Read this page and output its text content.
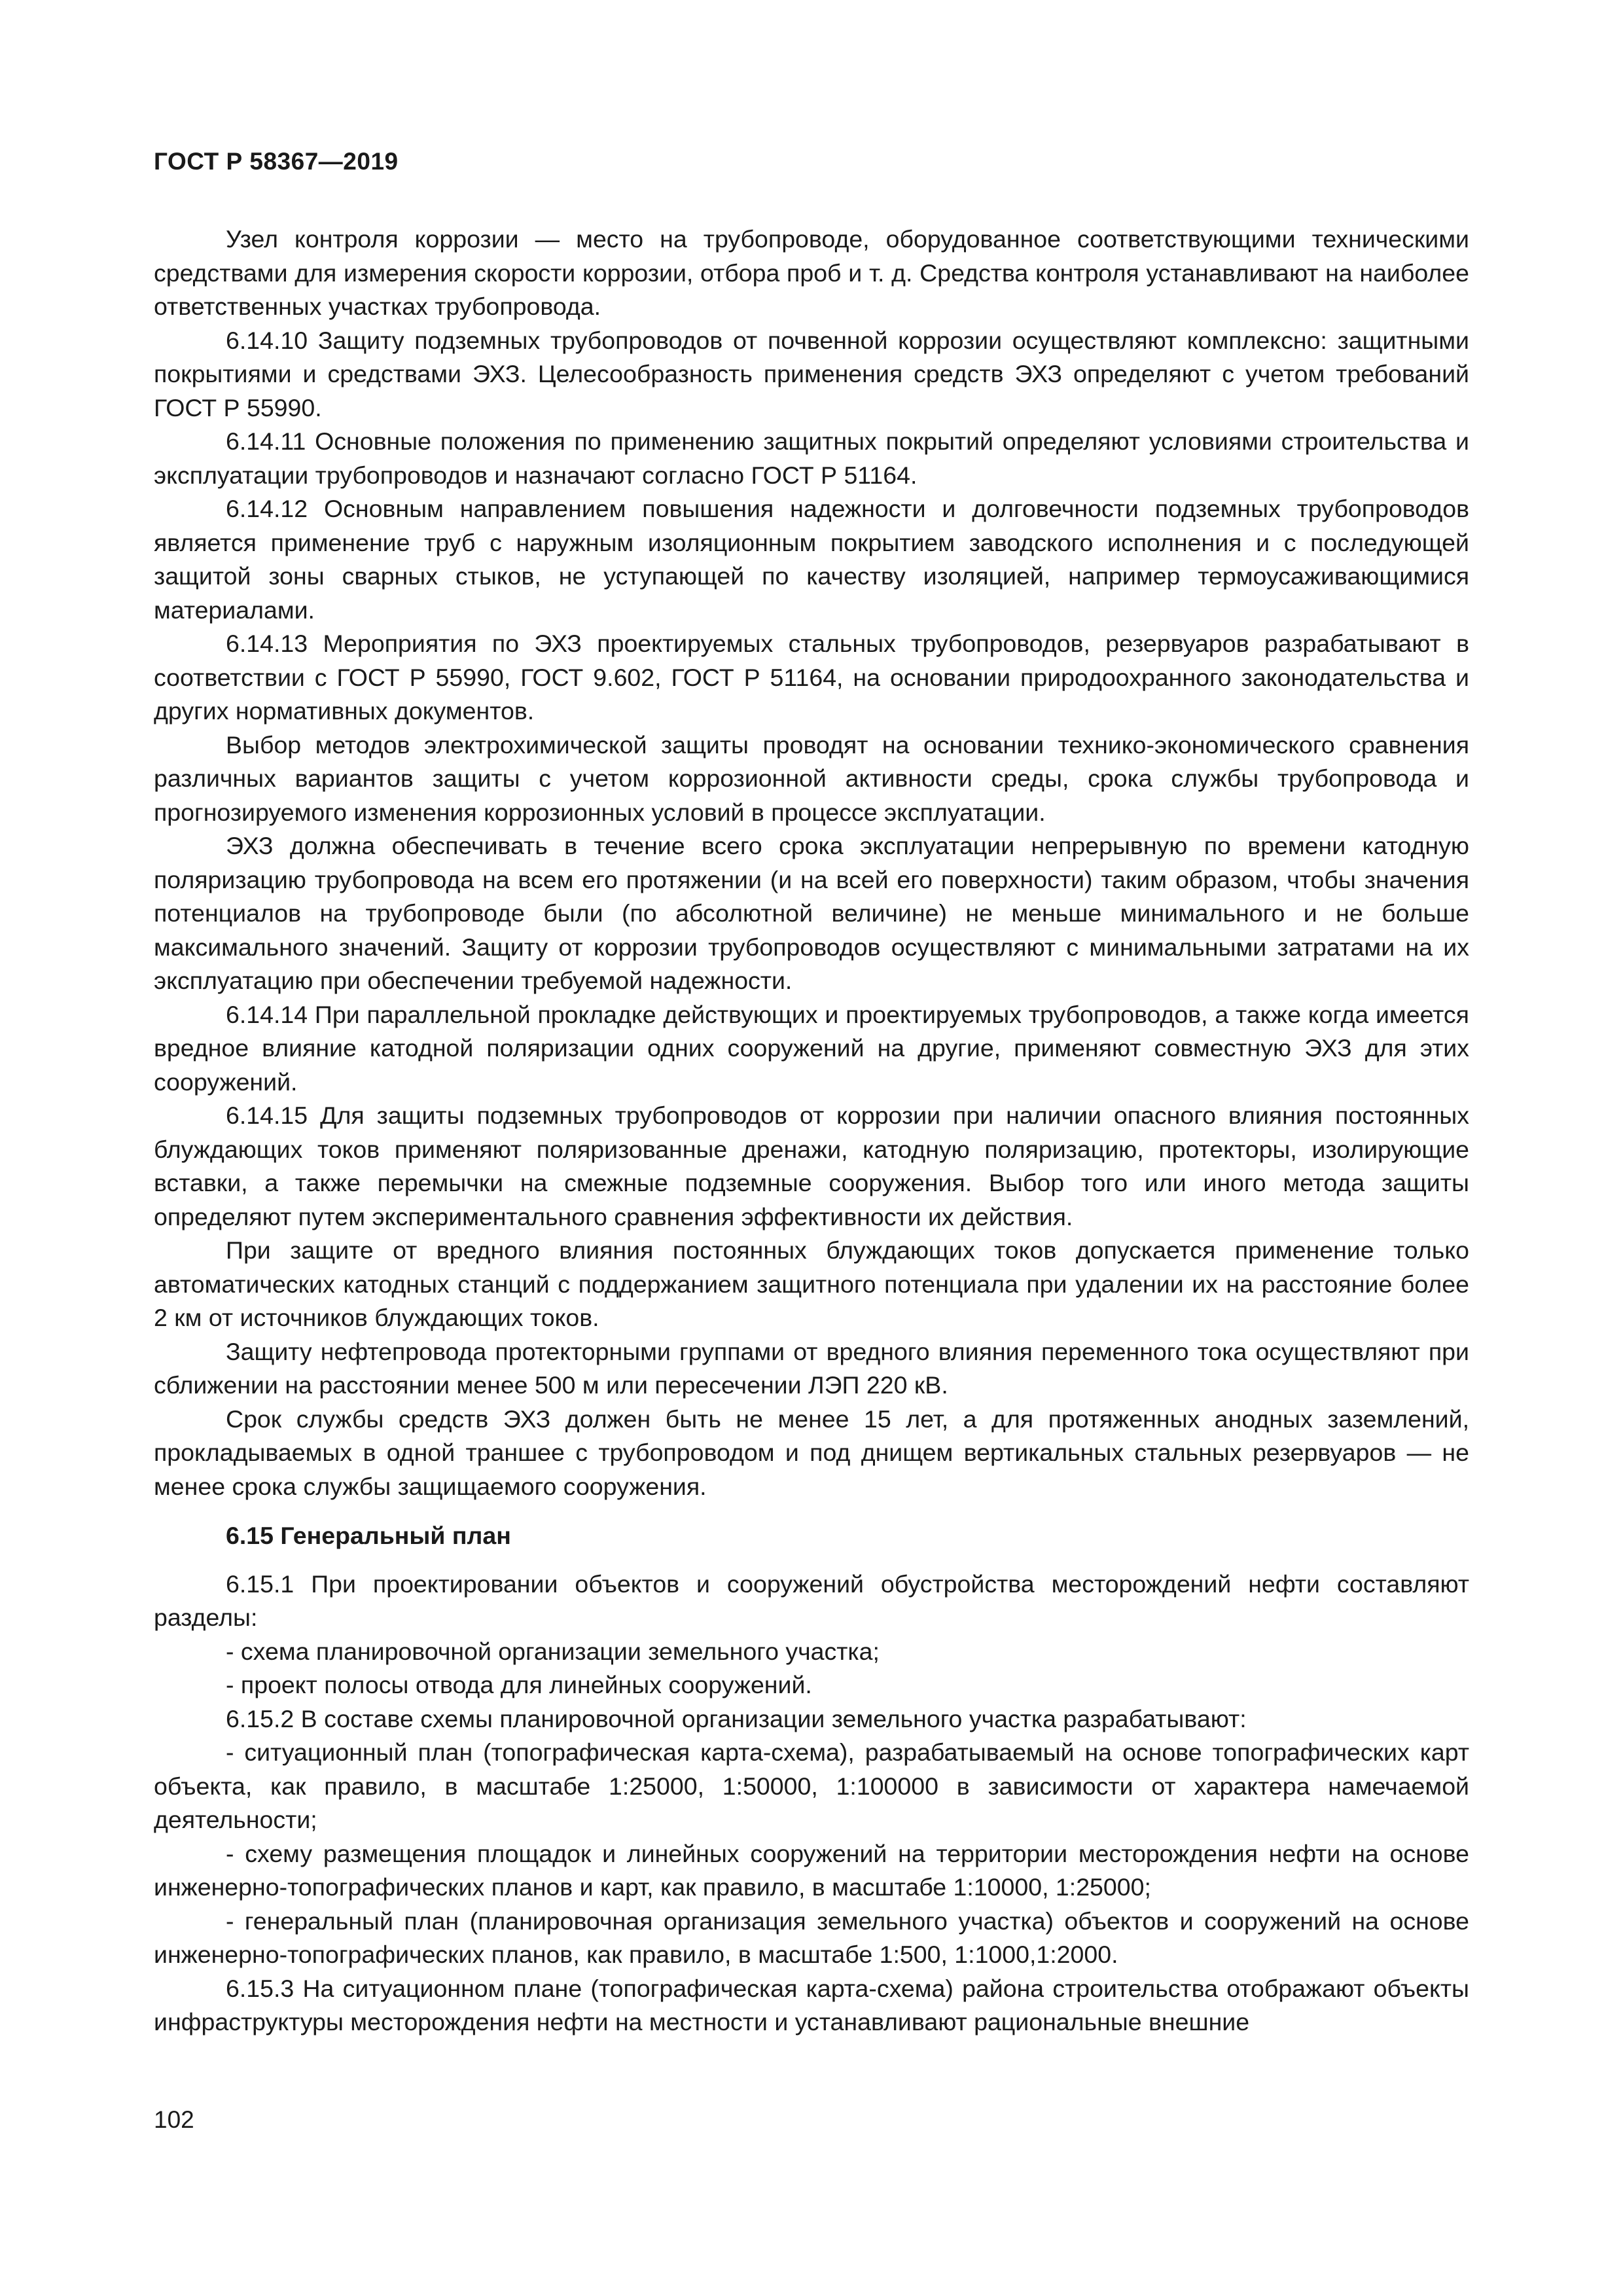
ГОСТ Р 58367—2019

Узел контроля коррозии — место на трубопроводе, оборудованное соответствующими техническими средствами для измерения скорости коррозии, отбора проб и т. д. Средства контроля устанавливают на наиболее ответственных участках трубопровода.

6.14.10 Защиту подземных трубопроводов от почвенной коррозии осуществляют комплексно: защитными покрытиями и средствами ЭХЗ. Целесообразность применения средств ЭХЗ определяют с учетом требований ГОСТ Р 55990.

6.14.11 Основные положения по применению защитных покрытий определяют условиями строительства и эксплуатации трубопроводов и назначают согласно ГОСТ Р 51164.

6.14.12 Основным направлением повышения надежности и долговечности подземных трубопроводов является применение труб с наружным изоляционным покрытием заводского исполнения и с последующей защитой зоны сварных стыков, не уступающей по качеству изоляцией, например термоусаживающимися материалами.

6.14.13 Мероприятия по ЭХЗ проектируемых стальных трубопроводов, резервуаров разрабатывают в соответствии с ГОСТ Р 55990, ГОСТ 9.602, ГОСТ Р 51164, на основании природоохранного законодательства и других нормативных документов.

Выбор методов электрохимической защиты проводят на основании технико-экономического сравнения различных вариантов защиты с учетом коррозионной активности среды, срока службы трубопровода и прогнозируемого изменения коррозионных условий в процессе эксплуатации.

ЭХЗ должна обеспечивать в течение всего срока эксплуатации непрерывную по времени катодную поляризацию трубопровода на всем его протяжении (и на всей его поверхности) таким образом, чтобы значения потенциалов на трубопроводе были (по абсолютной величине) не меньше минимального и не больше максимального значений. Защиту от коррозии трубопроводов осуществляют с минимальными затратами на их эксплуатацию при обеспечении требуемой надежности.

6.14.14 При параллельной прокладке действующих и проектируемых трубопроводов, а также когда имеется вредное влияние катодной поляризации одних сооружений на другие, применяют совместную ЭХЗ для этих сооружений.

6.14.15 Для защиты подземных трубопроводов от коррозии при наличии опасного влияния постоянных блуждающих токов применяют поляризованные дренажи, катодную поляризацию, протекторы, изолирующие вставки, а также перемычки на смежные подземные сооружения. Выбор того или иного метода защиты определяют путем экспериментального сравнения эффективности их действия.

При защите от вредного влияния постоянных блуждающих токов допускается применение только автоматических катодных станций с поддержанием защитного потенциала при удалении их на расстояние более 2 км от источников блуждающих токов.

Защиту нефтепровода протекторными группами от вредного влияния переменного тока осуществляют при сближении на расстоянии менее 500 м или пересечении ЛЭП 220 кВ.

Срок службы средств ЭХЗ должен быть не менее 15 лет, а для протяженных анодных заземлений, прокладываемых в одной траншее с трубопроводом и под днищем вертикальных стальных резервуаров — не менее срока службы защищаемого сооружения.

6.15 Генеральный план

6.15.1 При проектировании объектов и сооружений обустройства месторождений нефти составляют разделы:

- схема планировочной организации земельного участка;

- проект полосы отвода для линейных сооружений.

6.15.2 В составе схемы планировочной организации земельного участка разрабатывают:

- ситуационный план (топографическая карта-схема), разрабатываемый на основе топографических карт объекта, как правило, в масштабе 1:25000, 1:50000, 1:100000 в зависимости от характера намечаемой деятельности;

- схему размещения площадок и линейных сооружений на территории месторождения нефти на основе инженерно-топографических планов и карт, как правило, в масштабе 1:10000, 1:25000;

- генеральный план (планировочная организация земельного участка) объектов и сооружений на основе инженерно-топографических планов, как правило, в масштабе 1:500, 1:1000,1:2000.

6.15.3 На ситуационном плане (топографическая карта-схема) района строительства отображают объекты инфраструктуры месторождения нефти на местности и устанавливают рациональные внешние

102
